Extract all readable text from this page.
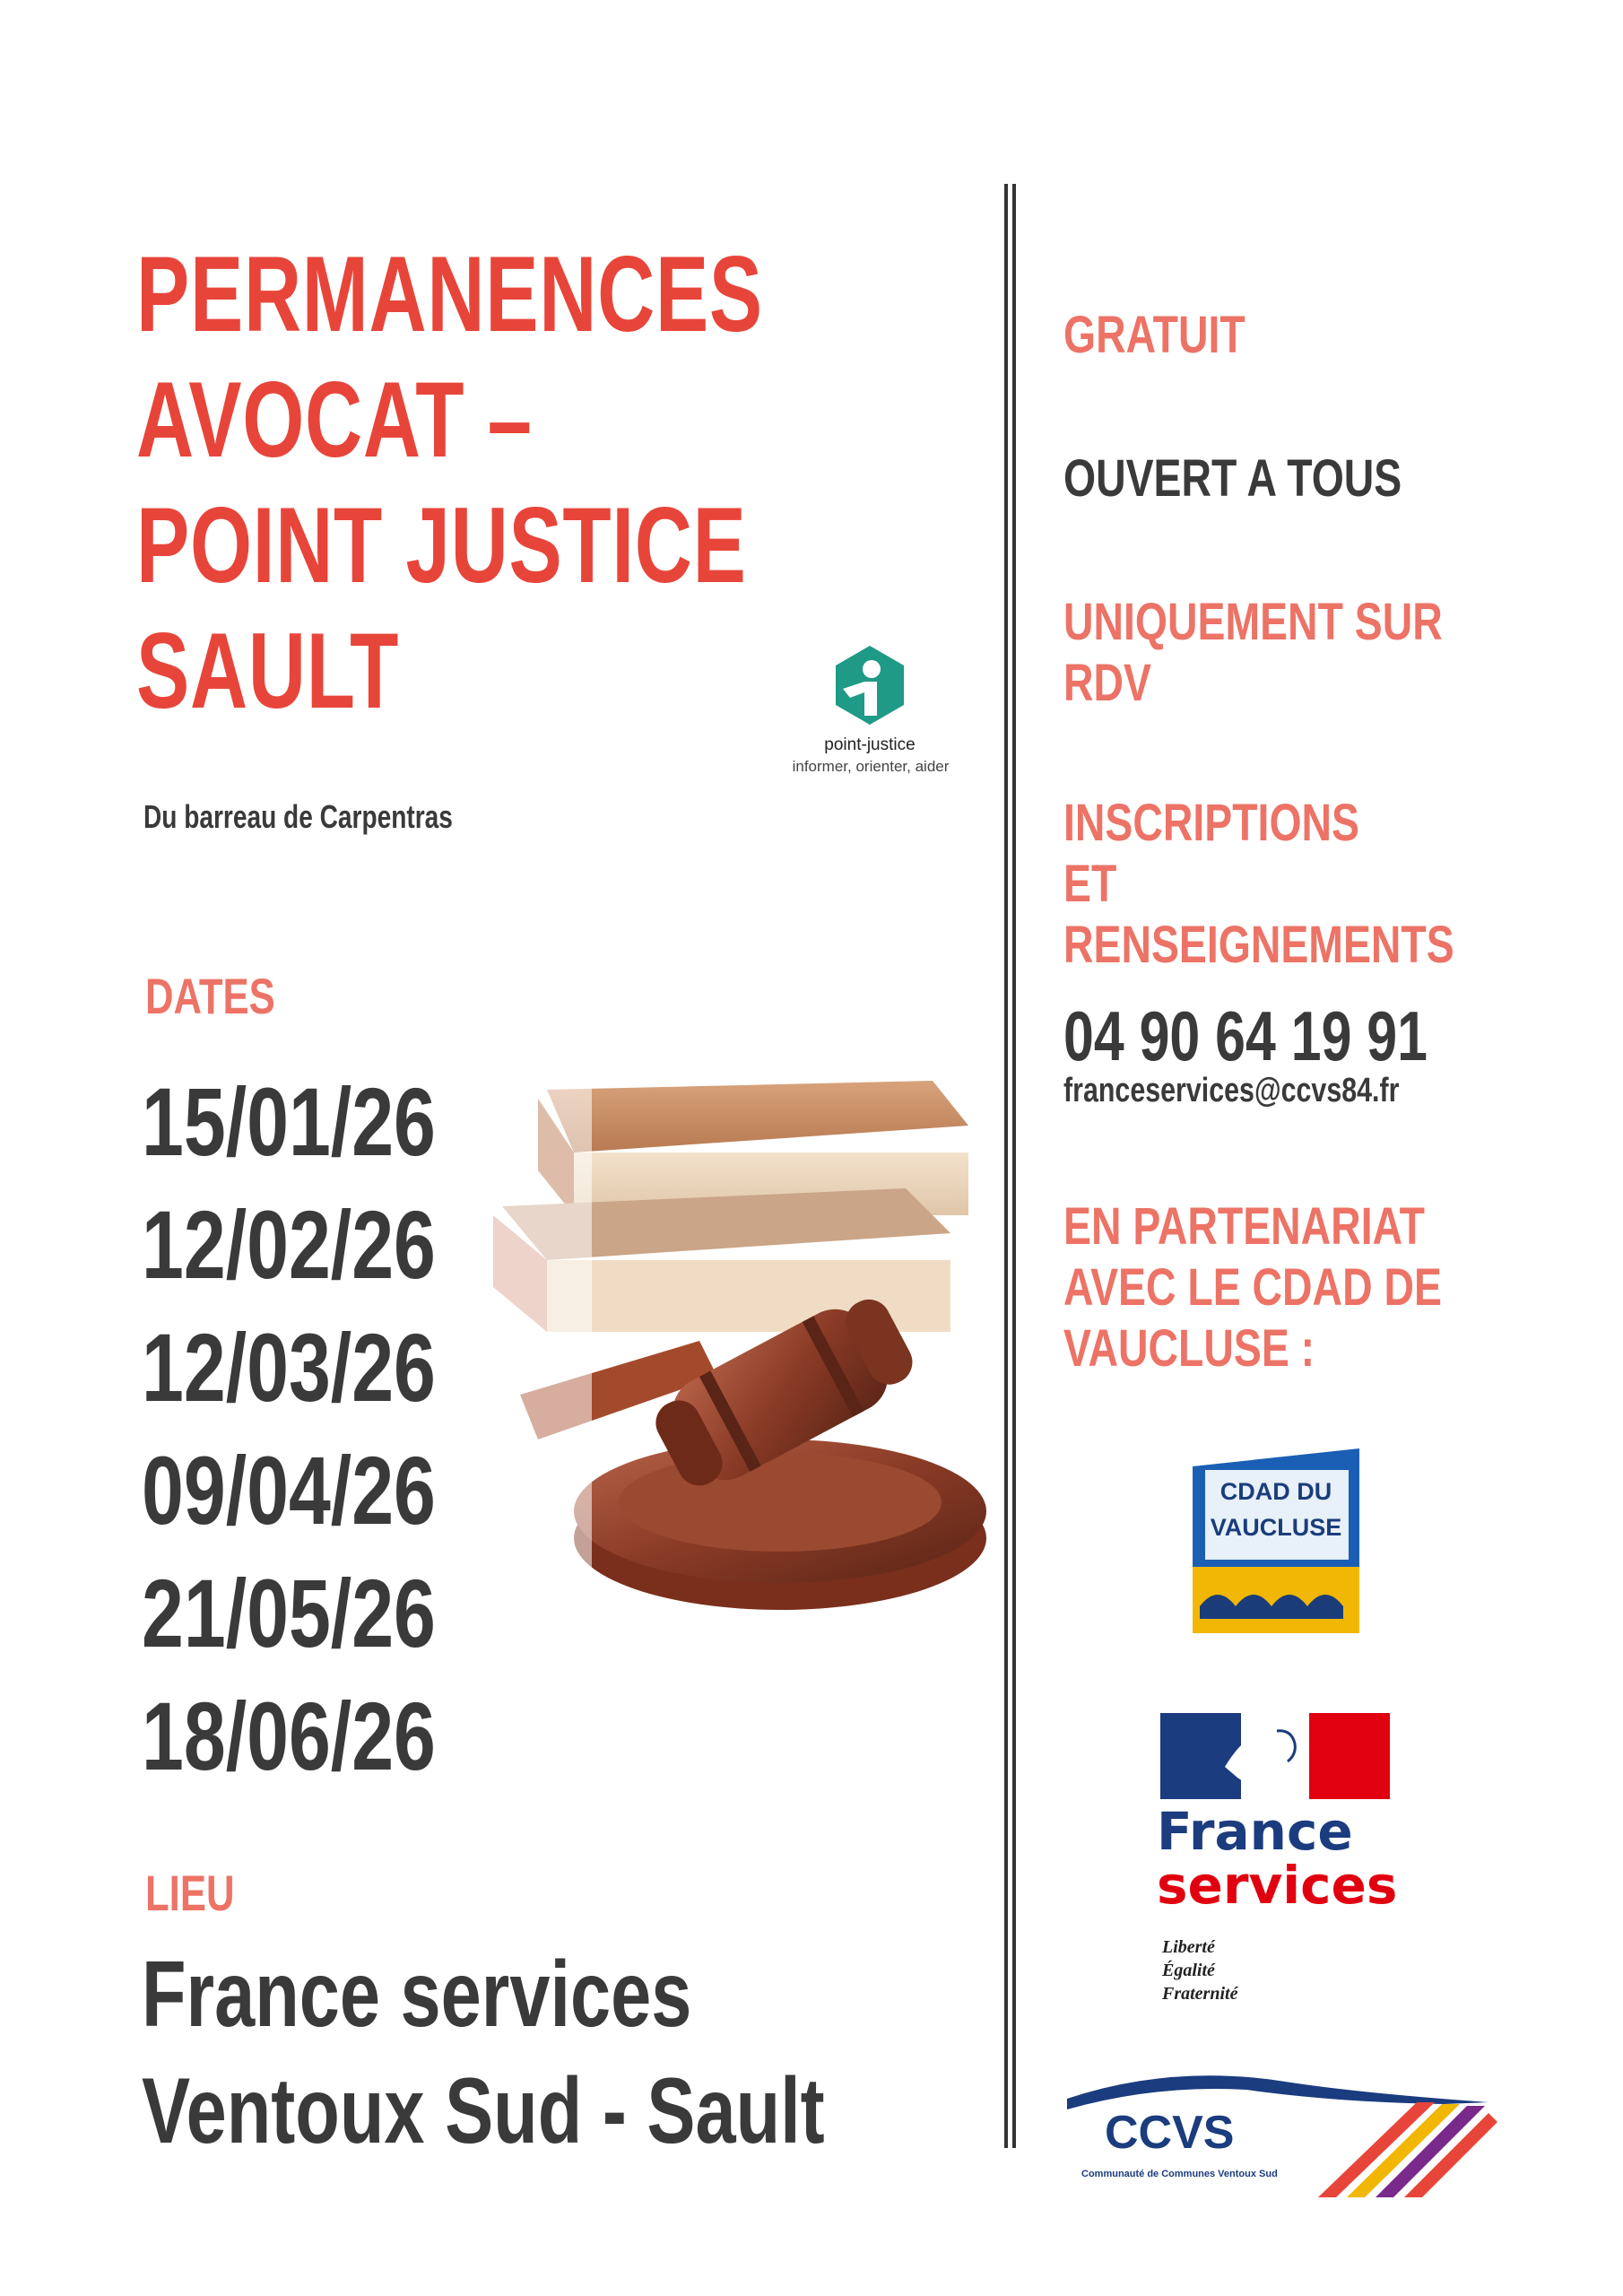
PERMANENCES
AVOCAT –
POINT JUSTICE
SAULT
point-justice
informer, orienter, aider
Du barreau de Carpentras
DATES
15/01/26
12/02/26
12/03/26
09/04/26
21/05/26
18/06/26
LIEU
France services
Ventoux Sud - Sault
GRATUIT
OUVERT A TOUS
UNIQUEMENT SUR
RDV
INSCRIPTIONS
ET
RENSEIGNEMENTS
04 90 64 19 91
franceservices@ccvs84.fr
EN PARTENARIAT
AVEC LE CDAD DE
VAUCLUSE :
CDAD DU
VAUCLUSE
France
services
Liberté
Égalité
Fraternité
CCVS
Communauté de Communes Ventoux Sud
